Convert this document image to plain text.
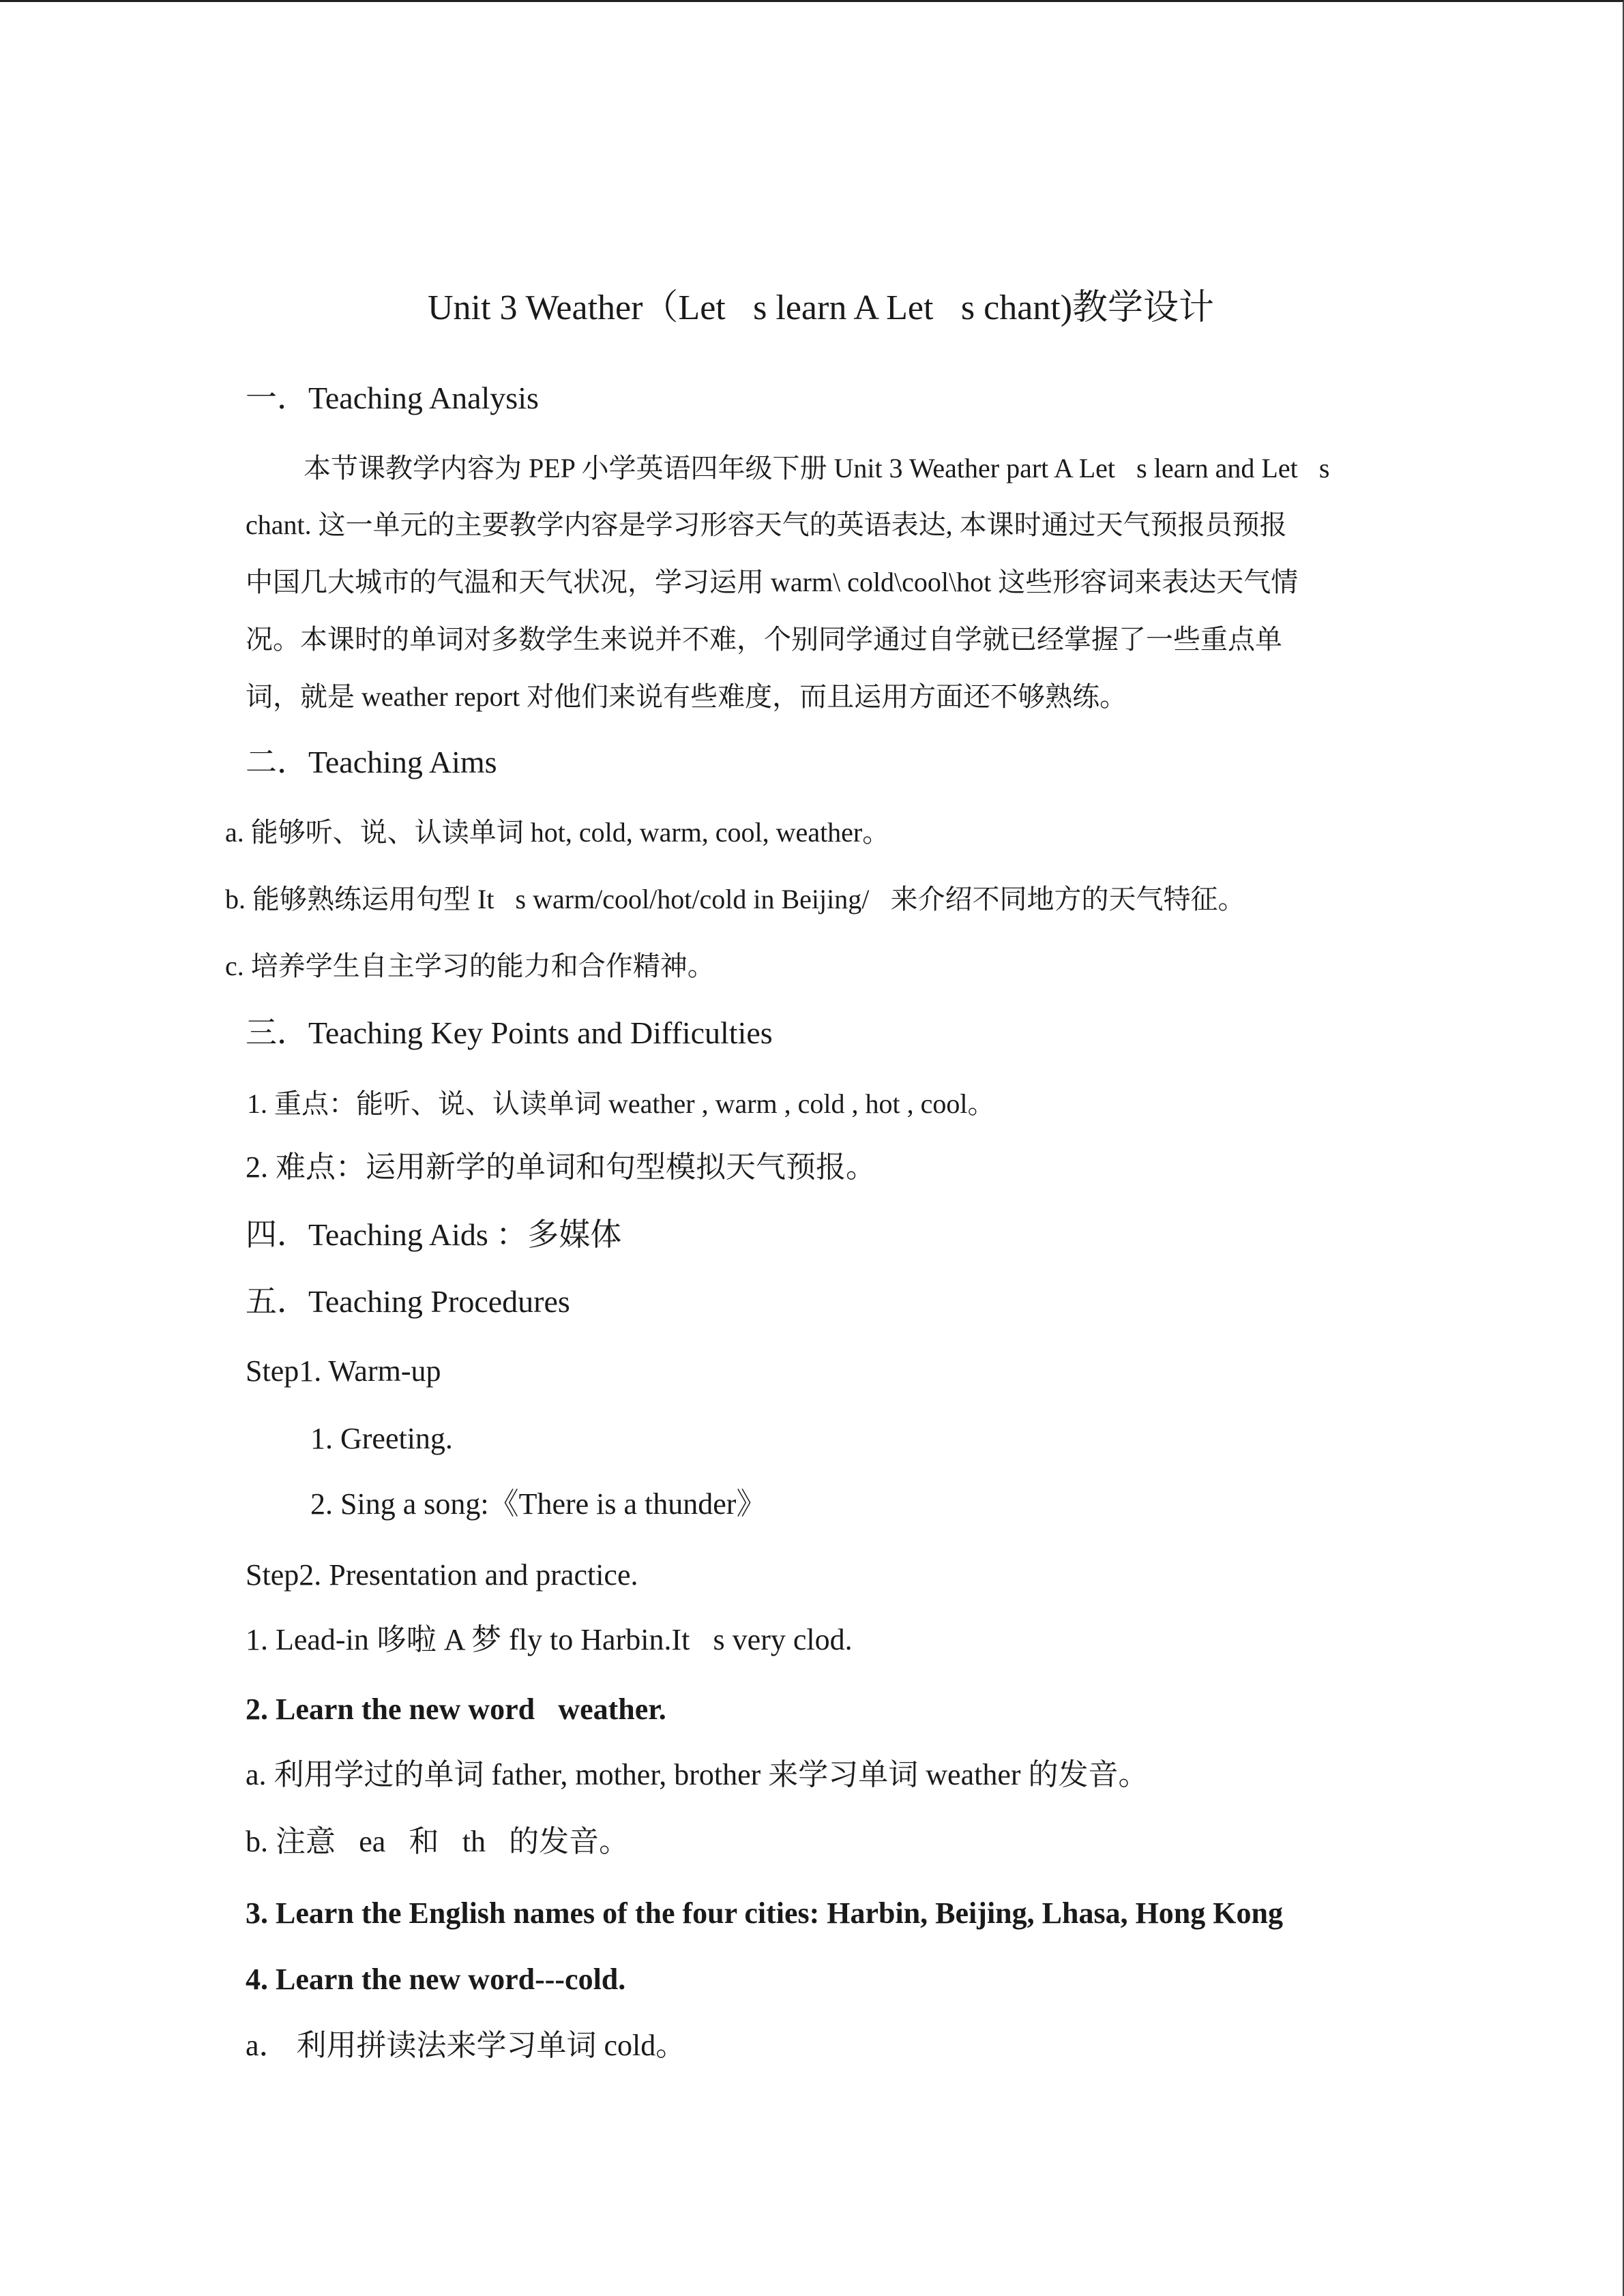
Unit 3 Weather（Let s learn A Let s chant)教学设计
一．Teaching Analysis
本节课教学内容为 PEP 小学英语四年级下册 Unit 3 Weather part A Let s learn and Let s
chant. 这一单元的主要教学内容是学习形容天气的英语表达, 本课时通过天气预报员预报
中国几大城市的气温和天气状况，学习运用 warm\ cold\cool\hot 这些形容词来表达天气情
况。本课时的单词对多数学生来说并不难，个别同学通过自学就已经掌握了一些重点单
词，就是 weather report 对他们来说有些难度，而且运用方面还不够熟练。
二．Teaching Aims
a. 能够听、说、认读单词 hot, cold, warm, cool, weather。
b. 能够熟练运用句型 It s warm/cool/hot/cold in Beijing/ 来介绍不同地方的天气特征。
c. 培养学生自主学习的能力和合作精神。
三．Teaching Key Points and Difficulties
1. 重点：能听、说、认读单词 weather , warm , cold , hot , cool。
2. 难点：运用新学的单词和句型模拟天气预报。
四．Teaching Aids ：多媒体
五．Teaching Procedures
Step1. Warm-up
1. Greeting.
2. Sing a song:《There is a thunder》
Step2. Presentation and practice.
1. Lead-in 哆啦 A 梦 fly to Harbin.It s very clod.
2. Learn the new word weather.
a. 利用学过的单词 father, mother, brother 来学习单词 weather 的发音。
b. 注意 ea 和 th 的发音。
3. Learn the English names of the four cities: Harbin, Beijing, Lhasa, Hong Kong
4. Learn the new word---cold.
a． 利用拼读法来学习单词 cold。
